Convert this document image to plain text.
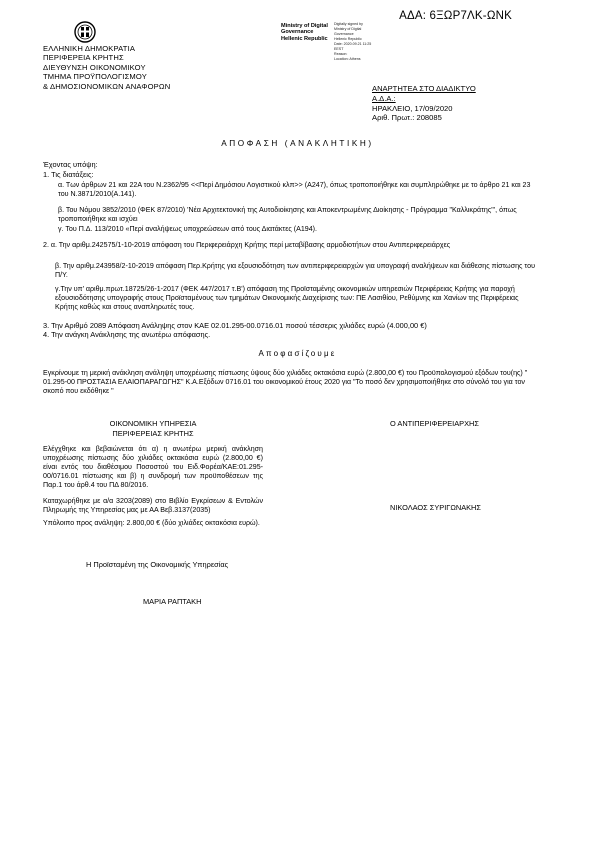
ΑΔΑ: 6ΞΩΡ7ΛΚ-ΩΝΚ
Ministry of Digital
Governance
Hellenic Republic
Digitally signed by
Ministry of Digital
Governance
Hellenic Republic
Date: 2020.09.21 11:25
EEST
Reason:
Location: Athens
ΕΛΛΗΝΙΚΗ ΔΗΜΟΚΡΑΤΙΑ
ΠΕΡΙΦΕΡΕΙΑ ΚΡΗΤΗΣ
ΔΙΕΥΘΥΝΣΗ ΟΙΚΟΝΟΜΙΚΟΥ
ΤΜΗΜΑ ΠΡΟΫΠΟΛΟΓΙΣΜΟΥ
& ΔΗΜΟΣΙΟΝΟΜΙΚΩΝ ΑΝΑΦΟΡΩΝ	ΑΝΑΡΤΗΤΕΑ ΣΤΟ ΔΙΑΔΙΚΤΥΟ
Α.Δ.Α.:
ΗΡΑΚΛΕΙΟ, 17/09/2020
Αριθ. Πρωτ.: 208085
ΑΠΟΦΑΣΗ (ΑΝΑΚΛΗΤΙΚΗ)
Έχοντας υπόψη:
1. Τις διατάξεις:
α. Των άρθρων 21 και 22Α του Ν.2362/95 <<Περί Δημόσιου Λογιστικού κλπ>> (Α247), όπως τροποποιήθηκε και συμπληρώθηκε με το άρθρο 21 και 23 του Ν.3871/2010(Α.141).
β. Του Νόμου 3852/2010 (ΦΕΚ 87/2010) 'Νέα Αρχιτεκτονική της Αυτοδιοίκησης και Αποκεντρωμένης Διοίκησης - Πρόγραμμα "Καλλικράτης"', όπως τροποποιήθηκε και ισχύει
γ. Του Π.Δ. 113/2010 «Περί αναλήψεως υποχρεώσεων από τους Διατάκτες (Α194).
2. α. Την αριθμ.242575/1-10-2019 απόφαση του Περιφερειάρχη Κρήτης περί μεταβίβασης αρμοδιοτήτων στου Αντιπεριφερειάρχες
β. Την αριθμ.243958/2-10-2019 απόφαση Περ.Κρήτης για εξουσιοδότηση των αντιπεριφερειαρχών για υπογραφή αναλήψεων και διάθεσης πίστωσης του Π/Υ.
γ.Την υπ' αριθμ.πρωτ.18725/26-1-2017 (ΦΕΚ 447/2017 τ.Β') απόφαση της Προϊσταμένης οικονομικών υπηρεσιών Περιφέρειας Κρήτης για παροχή εξουσιοδότησης υπογραφής στους Προϊσταμένους των τμημάτων Οικονομικής Διαχείρισης των: ΠΕ Λασιθίου, Ρεθύμνης και Χανίων της Περιφέρειας Κρήτης καθώς και στους αναπληρωτές τους.
3. Την Αριθμό 2089 Απόφαση Ανάληψης στον ΚΑΕ 02.01.295-00.0716.01 ποσού τέσσερις χιλιάδες ευρώ (4.000,00 €)
4. Την ανάγκη Ανάκλησης της ανωτέρω απόφασης.
Αποφασίζουμε
Εγκρίνουμε τη μερική ανάκληση ανάληψη υποχρέωσης πίστωσης ύψους δύο χιλιάδες οκτακόσια ευρώ (2.800,00 €) του Προϋπολογισμού εξόδων του(ης) " 01.295-00 ΠΡΟΣΤΑΣΙΑ ΕΛΑΙΟΠΑΡΑΓΩΓΗΣ" Κ.Α.Εξόδων 0716.01 του οικονομικού έτους 2020 για "Το ποσό δεν χρησιμοποιήθηκε στο σύνολό του για τον σκοπό που εκδόθηκε "
ΟΙΚΟΝΟΜΙΚΗ ΥΠΗΡΕΣΙΑ
ΠΕΡΙΦΕΡΕΙΑΣ ΚΡΗΤΗΣ
Ελέγχθηκε και βεβαιώνεται ότι α) η ανωτέρω μερική ανάκληση υποχρέωσης πίστωσης δύο χιλιάδες οκτακόσια ευρώ (2.800,00 €) είναι εντός του διαθέσιμου Ποσοστού του Ειδ.Φορέα/ΚΑΕ:01.295-00/0716.01 πίστωσης και β) η συνδρομή των προϋποθέσεων της Παρ.1 του άρθ.4 του ΠΔ 80/2016.
Καταχωρήθηκε με α/α 3203(2089) στο Βιβλίο Εγκρίσεων & Εντολών Πληρωμής της Υπηρεσίας μας με ΑΑ Βεβ.3137(2035)
Υπόλοιπο προς ανάληψη: 2.800,00 € (δύο χιλιάδες οκτακόσια ευρώ).
Η Προϊσταμένη της Οικονομικής Υπηρεσίας
ΜΑΡΙΑ ΡΑΠΤΑΚΗ
Ο ΑΝΤΙΠΕΡΙΦΕΡΕΙΑΡΧΗΣ
ΝΙΚΟΛΑΟΣ ΣΥΡΙΓΩΝΑΚΗΣ
